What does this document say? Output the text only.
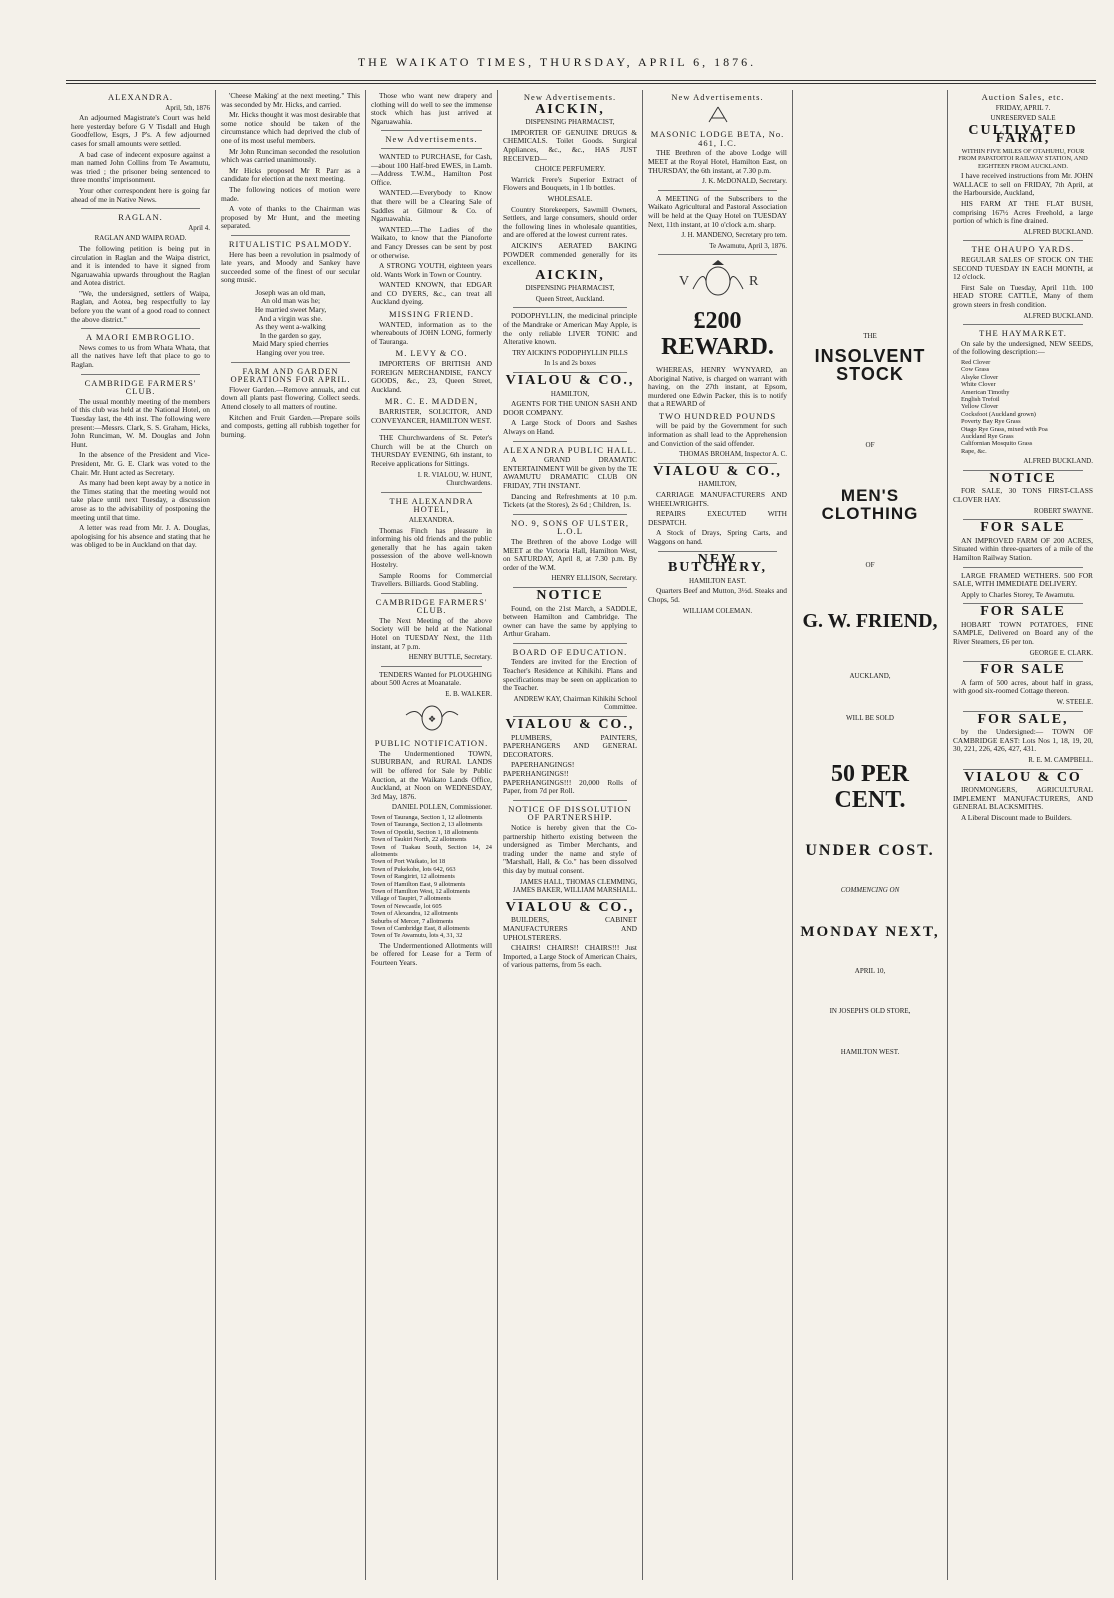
THE WAIKATO TIMES, THURSDAY, APRIL 6, 1876.
ALEXANDRA.
April, 5th, 1876

An adjourned Magistrate's Court was held here yesterday before G V Tisdall and Hugh Goodfellow, Esqrs, J P's. A few adjourned cases for small amounts were settled.

A bad case of indecent exposure against a man named John Collins from Te Awamutu, was tried ; the prisoner being sentenced to three months' imprisonment.

Your other correspondent here is going far ahead of me in Native News.

RAGLAN.
April 4.
RAGLAN AND WAIPA ROAD.

The following petition is being put in circulation in Raglan and the Waipa district, and it is intended to have it signed from Ngaruawahia upwards throughout the Raglan and Aotea district.

"We, the undersigned, settlers of Waipa, Raglan, and Aotea, beg respectfully to lay before you the want of a good road to connect the above district."

A MAORI EMBROGLIO.

News comes to us from Whata Whata, that all the natives have left that place to go to Raglan.

CAMBRIDGE FARMERS' CLUB.

The usual monthly meeting of the members of this club was held at the National Hotel, on Tuesday last, the 4th inst. The following were present:—Messrs. Clark, S. S. Graham, Hicks, John Runciman, W. M. Douglas and John Hunt.

In the absence of the President and Vice-President, Mr. G. E. Clark was voted to the Chair. Mr. Hunt acted as Secretary.

As many had been kept away by a notice in the Times stating that the meeting would not take place until next Tuesday, a discussion arose as to the advisability of postponing the meeting until that time.

A letter was read from Mr. J. A. Douglas, apologising for his absence and stating that he was obliged to be in Auckland on that day.

'Cheese Making' at the next meeting." This was seconded by Mr. Hicks, and carried.

Mr. Hicks thought it was most desirable that some notice should be taken of the circumstance which had deprived the club of one of its most useful members.

Mr John Runciman seconded the resolution which was carried unanimously.

Mr Hicks proposed Mr R Parr as a candidate for election at the next meeting.

The following notices of motion were made.

A vote of thanks to the Chairman was proposed by Mr Hunt, and the meeting separated.

RITUALISTIC PSALMODY.

Here has been a revolution in psalmody of late years, and Moody and Sankey have succeeded some of the finest of our secular song music.

Joseph was an old man,
An old man was he;
He married sweet Mary,
And a virgin was she.
As they went a-walking
In the garden so gay,
Maid Mary spied cherries
Hanging over you tree.
FARM AND GARDEN OPERATIONS FOR APRIL.

Flower Garden.—Remove annuals, and cut down all plants past flowering. Collect seeds. Attend closely to all matters of routine.

Kitchen and Fruit Garden.—Prepare soils and composts, getting all rubbish together for burning.

Those who want new drapery and clothing will do well to see the immense stock which has just arrived at Ngaruawahia.

New Advertisements.

WANTED to PURCHASE, for Cash,—about 100 Half-bred EWES, in Lamb.—Address T.W.M., Hamilton Post Office.

WANTED.—Everybody to Know that there will be a Clearing Sale of Saddles at Gilmour & Co. of Ngaruawahia.

WANTED.—The Ladies of the Waikato, to know that the Pianoforte and Fancy Dresses can be sent by post or otherwise.

A STRONG YOUTH, eighteen years old. Wants Work in Town or Country.

WANTED KNOWN, that EDGAR and CO DYERS, &c., can treat all Auckland dyeing.

MISSING FRIEND.

WANTED, information as to the whereabouts of JOHN LONG, formerly of Tauranga.

M. LEVY & CO.

IMPORTERS OF BRITISH AND FOREIGN MERCHANDISE, FANCY GOODS, &c., 23, Queen Street, Auckland.

MR. C. E. MADDEN,

BARRISTER, SOLICITOR, AND CONVEYANCER, HAMILTON WEST.

THE Churchwardens of St. Peter's Church will be at the Church on THURSDAY EVENING, 6th instant, to Receive applications for Sittings.

I. R. VIALOU, W. HUNT, Churchwardens.
THE ALEXANDRA HOTEL,
ALEXANDRA.

Thomas Finch has pleasure in informing his old friends and the public generally that he has again taken possession of the above well-known Hostelry.

Sample Rooms for Commercial Travellers. Billiards. Good Stabling.

CAMBRIDGE FARMERS' CLUB.

The Next Meeting of the above Society will be held at the National Hotel on TUESDAY Next, the 11th instant, at 7 p.m.

HENRY BUTTLE, Secretary.

TENDERS Wanted for PLOUGHING about 500 Acres at Moanatale.

E. B. WALKER.
❖
PUBLIC NOTIFICATION.

The Undermentioned TOWN, SUBURBAN, and RURAL LANDS will be offered for Sale by Public Auction, at the Waikato Lands Office, Auckland, at Noon on WEDNESDAY, 3rd May, 1876.

DANIEL POLLEN, Commissioner.
Town of Tauranga, Section 1, 12 allotments
Town of Tauranga, Section 2, 13 allotments
Town of Opotiki, Section 1, 18 allotments
Town of Taukiri North, 22 allotments
Town of Tuakau South, Section 14, 24 allotments
Town of Port Waikato, lot 18
Town of Pukekohe, lots 642, 663
Town of Rangiriri, 12 allotments
Town of Hamilton East, 9 allotments
Town of Hamilton West, 12 allotments
Village of Taupiri, 7 allotments
Town of Newcastle, lot 605
Town of Alexandra, 12 allotments
Suburbs of Mercer, 7 allotments
Town of Cambridge East, 8 allotments
Town of Te Awamutu, lots 4, 31, 32

The Undermentioned Allotments will be offered for Lease for a Term of Fourteen Years.

New Advertisements.
AICKIN,
DISPENSING PHARMACIST,

IMPORTER OF GENUINE DRUGS & CHEMICALS. Toilet Goods. Surgical Appliances, &c., &c., HAS JUST RECEIVED—

CHOICE PERFUMERY.

Warrick Frere's Superior Extract of Flowers and Bouquets, in 1 lb bottles.

WHOLESALE.

Country Storekeepers, Sawmill Owners, Settlers, and large consumers, should order the following lines in wholesale quantities, and are offered at the lowest current rates.

AICKIN'S AERATED BAKING POWDER commended generally for its excellence.

AICKIN,
DISPENSING PHARMACIST,
Queen Street, Auckland.

PODOPHYLLIN, the medicinal principle of the Mandrake or American May Apple, is the only reliable LIVER TONIC and Alterative known.

TRY AICKIN'S PODOPHYLLIN PILLS
In 1s and 2s boxes
VIALOU & CO.,
HAMILTON,

AGENTS FOR THE UNION SASH AND DOOR COMPANY.

A Large Stock of Doors and Sashes Always on Hand.

ALEXANDRA PUBLIC HALL.

A GRAND DRAMATIC ENTERTAINMENT Will be given by the TE AWAMUTU DRAMATIC CLUB ON FRIDAY, 7TH INSTANT.

Dancing and Refreshments at 10 p.m. Tickets (at the Stores), 2s 6d ; Children, 1s.

NO. 9, SONS OF ULSTER, L.O.L

The Brethren of the above Lodge will MEET at the Victoria Hall, Hamilton West, on SATURDAY, April 8, at 7.30 p.m. By order of the W.M.

HENRY ELLISON, Secretary.
NOTICE

Found, on the 21st March, a SADDLE, between Hamilton and Cambridge. The owner can have the same by applying to Arthur Graham.

BOARD OF EDUCATION.

Tenders are invited for the Erection of Teacher's Residence at Kihikihi. Plans and specifications may be seen on application to the Teacher.

ANDREW KAY, Chairman Kihikihi School Committee.
VIALOU & CO.,

PLUMBERS, PAINTERS, PAPERHANGERS AND GENERAL DECORATORS.

PAPERHANGINGS! PAPERHANGINGS!! PAPERHANGINGS!!! 20,000 Rolls of Paper, from 7d per Roll.

NOTICE OF DISSOLUTION OF PARTNERSHIP.

Notice is hereby given that the Co-partnership hitherto existing between the undersigned as Timber Merchants, and trading under the name and style of "Marshall, Hall, & Co." has been dissolved this day by mutual consent.

JAMES HALL, THOMAS CLEMMING, JAMES BAKER, WILLIAM MARSHALL.
VIALOU & CO.,

BUILDERS, CABINET MANUFACTURERS AND UPHOLSTERERS.

CHAIRS! CHAIRS!! CHAIRS!!! Just Imported, a Large Stock of American Chairs, of various patterns, from 5s each.

New Advertisements.
MASONIC LODGE BETA, No. 461, I.C.

THE Brethren of the above Lodge will MEET at the Royal Hotel, Hamilton East, on THURSDAY, the 6th instant, at 7.30 p.m.

J. K. McDONALD, Secretary.

A MEETING of the Subscribers to the Waikato Agricultural and Pastoral Association will be held at the Quay Hotel on TUESDAY Next, 11th instant, at 10 o'clock a.m. sharp.

J. H. MANDENO, Secretary pro tem.
Te Awamutu, April 3, 1876.
V	R
£200 REWARD.

WHEREAS, HENRY WYNYARD, an Aboriginal Native, is charged on warrant with having, on the 27th instant, at Epsom, murdered one Edwin Packer, this is to notify that a REWARD of

TWO HUNDRED POUNDS

will be paid by the Government for such information as shall lead to the Apprehension and Conviction of the said offender.

THOMAS BROHAM, Inspector A. C.
VIALOU & CO.,
HAMILTON,

CARRIAGE MANUFACTURERS AND WHEELWRIGHTS.

REPAIRS EXECUTED WITH DESPATCH.

A Stock of Drays, Spring Carts, and Waggons on hand.

NEW BUTCHERY,
HAMILTON EAST.

Quarters Beef and Mutton, 3½d. Steaks and Chops, 5d.

WILLIAM COLEMAN.
THE
INSOLVENT STOCK
OF
MEN'S CLOTHING
OF
G. W. FRIEND,
AUCKLAND,
WILL BE SOLD
50 PER CENT.
UNDER COST.
COMMENCING ON
MONDAY NEXT,
APRIL 10,
IN JOSEPH'S OLD STORE,
HAMILTON WEST.
Auction Sales, etc.
FRIDAY, APRIL 7.
UNRESERVED SALE
CULTIVATED FARM,
WITHIN FIVE MILES OF OTAHUHU, FOUR FROM PAPATOITOI RAILWAY STATION, AND EIGHTEEN FROM AUCKLAND.

I have received instructions from Mr. JOHN WALLACE to sell on FRIDAY, 7th April, at the Harbourside, Auckland,

HIS FARM AT THE FLAT BUSH, comprising 167½ Acres Freehold, a large portion of which is fine drained.

ALFRED BUCKLAND.
THE OHAUPO YARDS.

REGULAR SALES OF STOCK ON THE SECOND TUESDAY IN EACH MONTH, at 12 o'clock.

First Sale on Tuesday, April 11th. 100 HEAD STORE CATTLE, Many of them grown steers in fresh condition.

ALFRED BUCKLAND.
THE HAYMARKET.

On sale by the undersigned, NEW SEEDS, of the following description:—

Red Clover
Cow Grass
Alsyke Clover
White Clover
American Timothy
English Trefoil
Yellow Clover
Cocksfoot (Auckland grown)
Poverty Bay Rye Grass
Otago Rye Grass, mixed with Poa
Auckland Rye Grass
Californian Mosquito Grass
Rape, &c.
ALFRED BUCKLAND.
NOTICE

FOR SALE, 30 TONS FIRST-CLASS CLOVER HAY.

ROBERT SWAYNE.
FOR SALE

AN IMPROVED FARM OF 200 ACRES, Situated within three-quarters of a mile of the Hamilton Railway Station.

LARGE FRAMED WETHERS. 500 FOR SALE, WITH IMMEDIATE DELIVERY.

Apply to Charles Storey, Te Awamutu.

FOR SALE

HOBART TOWN POTATOES, FINE SAMPLE, Delivered on Board any of the River Steamers, £6 per ton.

GEORGE E. CLARK.
FOR SALE

A farm of 500 acres, about half in grass, with good six-roomed Cottage thereon.

W. STEELE.
FOR SALE,

by the Undersigned:— TOWN OF CAMBRIDGE EAST: Lots Nos 1, 18, 19, 20, 30, 221, 226, 426, 427, 431.

R. E. M. CAMPBELL.
VIALOU & CO

IRONMONGERS, AGRICULTURAL IMPLEMENT MANUFACTURERS, AND GENERAL BLACKSMITHS.

A Liberal Discount made to Builders.
